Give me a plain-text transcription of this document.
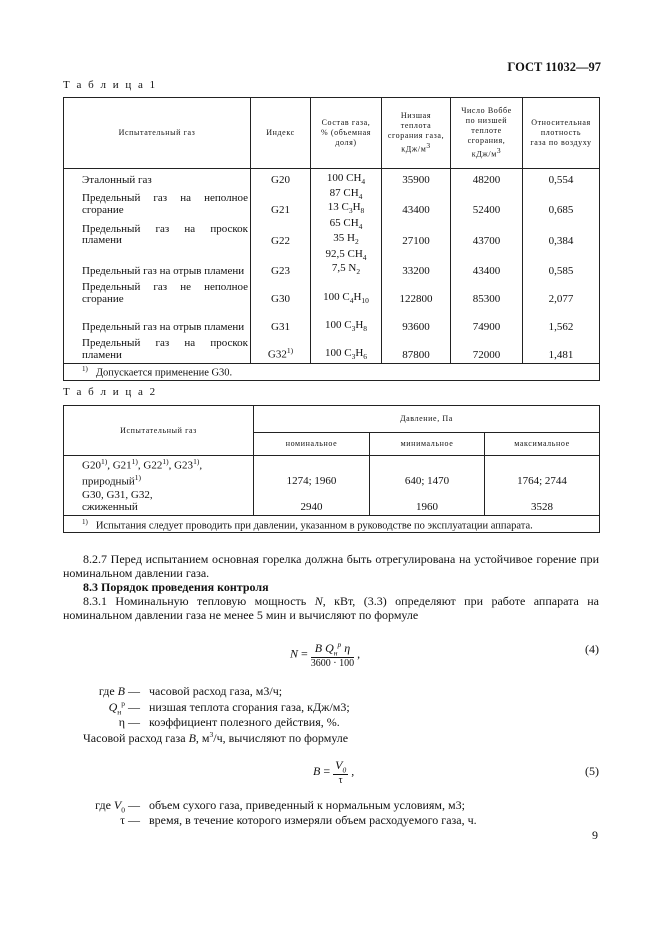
ГОСТ 11032—97
Т а б л и ц а 1
Испытательный газ	Индекс	Состав газа,
% (объемная
доля)	Низшая
теплота
сгорания газа,
кДж/$м^3$	Число Воббе
по низшей
теплоте
сгорания,
кДж/$м^3$	Относительная
плотность
газа по воздуху
Эталонный газ	G20	100 $CH_4$	35900	48200	0,554

Предельный газ на неполное сгорание	G21	87 $CH_4$
13 $C_3H_8$	43400	52400	0,685

Предельный газ на проскок пламени	G22	65 $CH_4$
35 $H_2$	27100	43700	0,384

Предельный газ на отрыв пламени	G23	92,5 $CH_4$
7,5 $N_2$	33200	43400	0,585

Предельный газ не неполное сгорание	G30	100 $C_4H_{10}$	122800	85300	2,077
Предельный газ на отрыв пламени	G31	100 $C_3H_8$	93600	74900	1,562

Предельный газ на проскок пламени	G32$^{1)}$	100 $C_3H_6$	87800	72000	1,481
$^{1)}$ Допускается применение G30.					
Т а б л и ц а 2
Испытательный газ	Давление, Па		
	номинальное	минимальное	максимальное
G20$^{1)}$, G21$^{1)}$, G22$^{1)}$, G23$^{1)}$,
природный$^{1)}$	1274; 1960	640; 1470	1764; 2744
G30, G31, G32,
сжиженный	2940	1960	3528
$^{1)}$ Испытания следует проводить при давлении, указанном в руководстве по эксплуатации аппарата.			
8.2.7 Перед испытанием основная горелка должна быть отрегулирована на устойчивое горение при номинальном давлении газа.
8.3 Порядок проведения контроля
8.3.1 Номинальную тепловую мощность N, кВт, (3.3) определяют при работе аппарата на номинальном давлении газа не менее 5 мин и вычисляют по формуле
$N = \frac{B Q_н^р \eta}{3600 \cdot 100}$ ,	(4)
где B — часовой расход газа, м3/ч;
$Q_н^р$ — низшая теплота сгорания газа, кДж/м3;
η — коэффициент полезного действия, %.
Часовой расход газа B, $м^3/ч$, вычисляют по формуле
$B = \frac{V_0}{\tau}$ ,	(5)
где $V_0$ — объем сухого газа, приведенный к нормальным условиям, м3;
τ — время, в течение которого измеряли объем расходуемого газа, ч.
9
